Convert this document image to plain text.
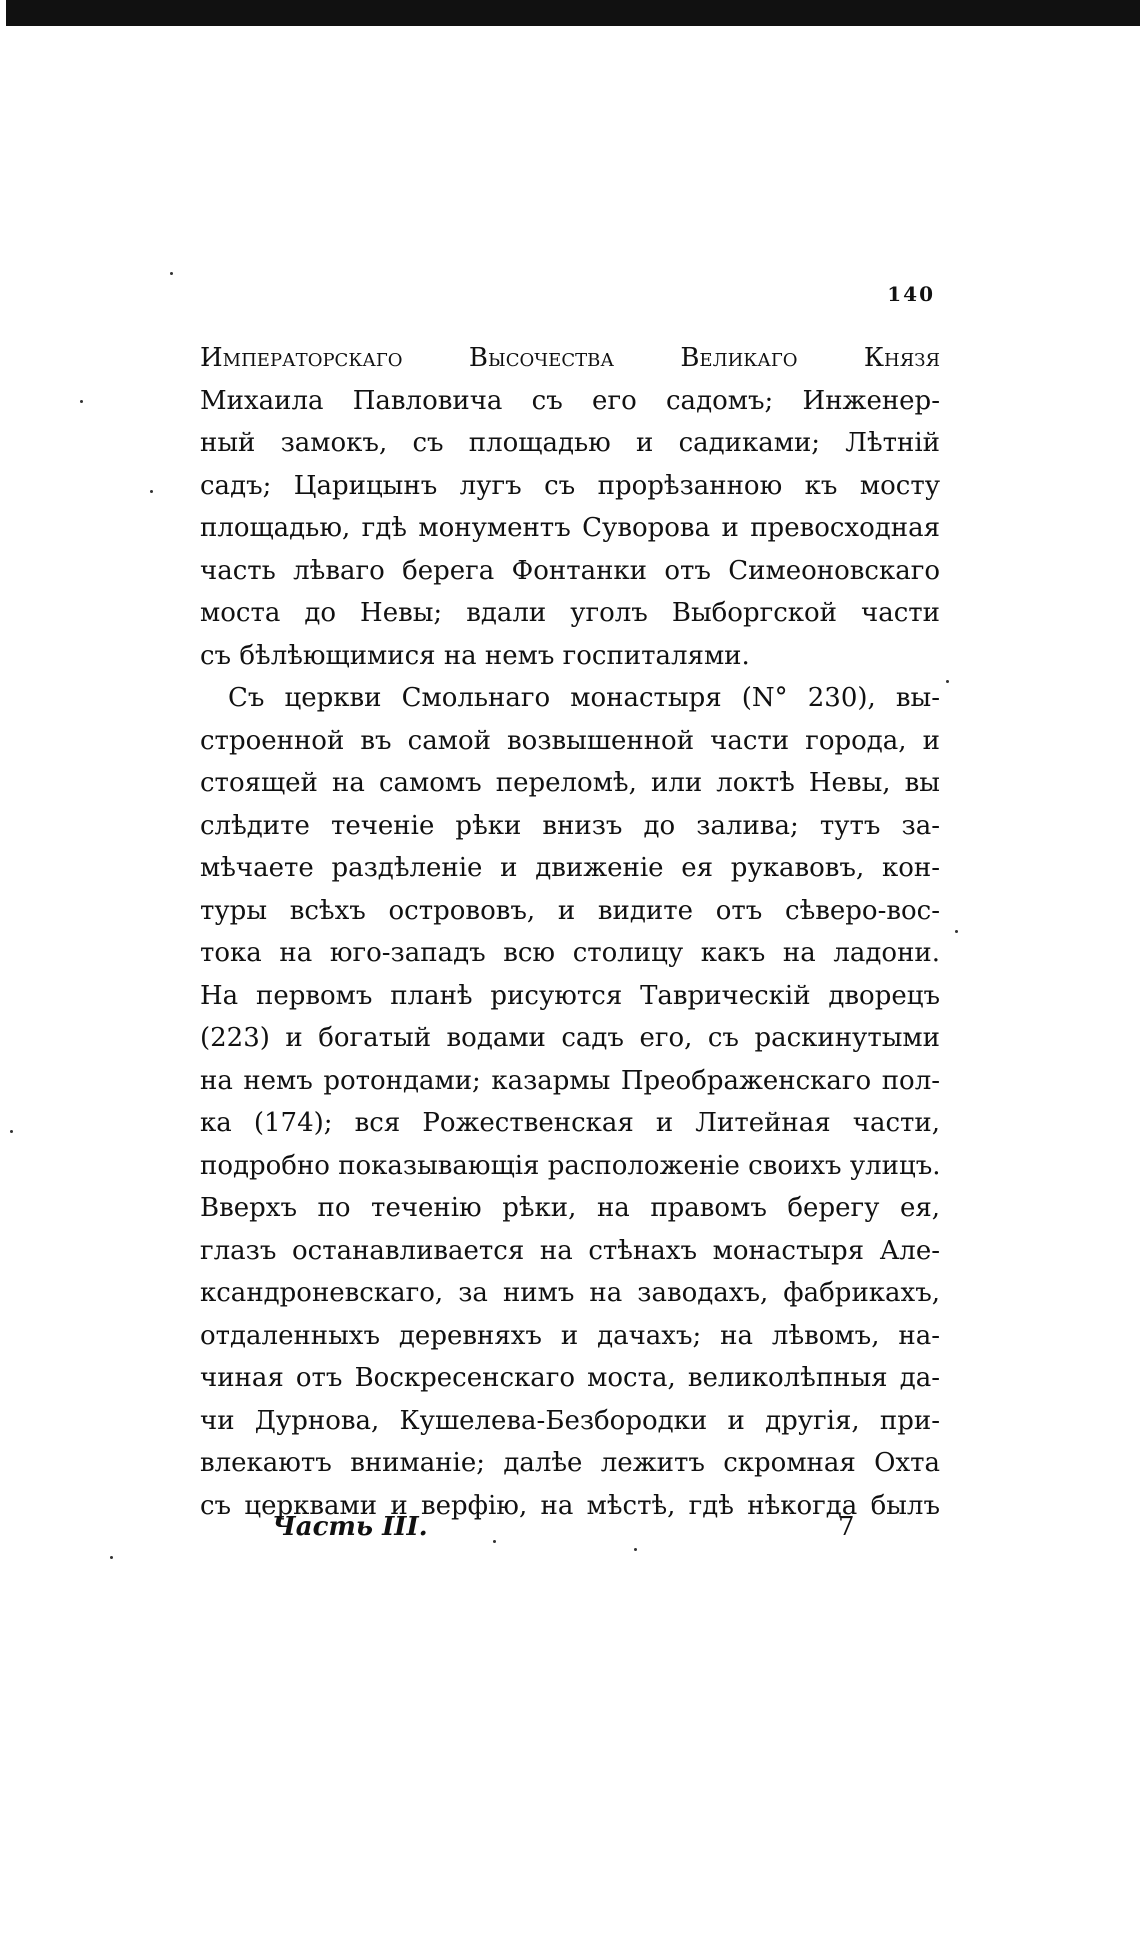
140
Императорскаго Высочества Великаго Князя
Михаила Павловича съ его садомъ; Инженер-
ный замокъ, съ площадью и садиками; Лѣтній
садъ; Царицынъ лугъ съ прорѣзанною къ мосту
площадью, гдѣ монументъ Суворова и превосходная
часть лѣваго берега Фонтанки отъ Симеоновскаго
моста до Невы; вдали уголъ Выборгской части
съ бѣлѣющимися на немъ госпиталями.
Съ церкви Смольнаго монастыря (N° 230), вы-
строенной въ самой возвышенной части города, и
стоящей на самомъ переломѣ, или локтѣ Невы, вы
слѣдите теченіе рѣки внизъ до залива; тутъ за-
мѣчаете раздѣленіе и движеніе ея рукавовъ, кон-
туры всѣхъ острововъ, и видите отъ сѣверо-вос-
тока на юго-западъ всю столицу какъ на ладони.
На первомъ планѣ рисуются Таврическій дворецъ
(223) и богатый водами садъ его, съ раскинутыми
на немъ ротондами; казармы Преображенскаго пол-
ка (174); вся Рожественская и Литейная части,
подробно показывающія расположеніе своихъ улицъ.
Вверхъ по теченію рѣки, на правомъ берегу ея,
глазъ останавливается на стѣнахъ монастыря Але-
ксандроневскаго, за нимъ на заводахъ, фабрикахъ,
отдаленныхъ деревняхъ и дачахъ; на лѣвомъ, на-
чиная отъ Воскресенскаго моста, великолѣпныя да-
чи Дурнова, Кушелева-Безбородки и другія, при-
влекаютъ вниманіе; далѣе лежитъ скромная Охта
съ церквами и верфію, на мѣстѣ, гдѣ нѣкогда былъ
Часть III.	7
